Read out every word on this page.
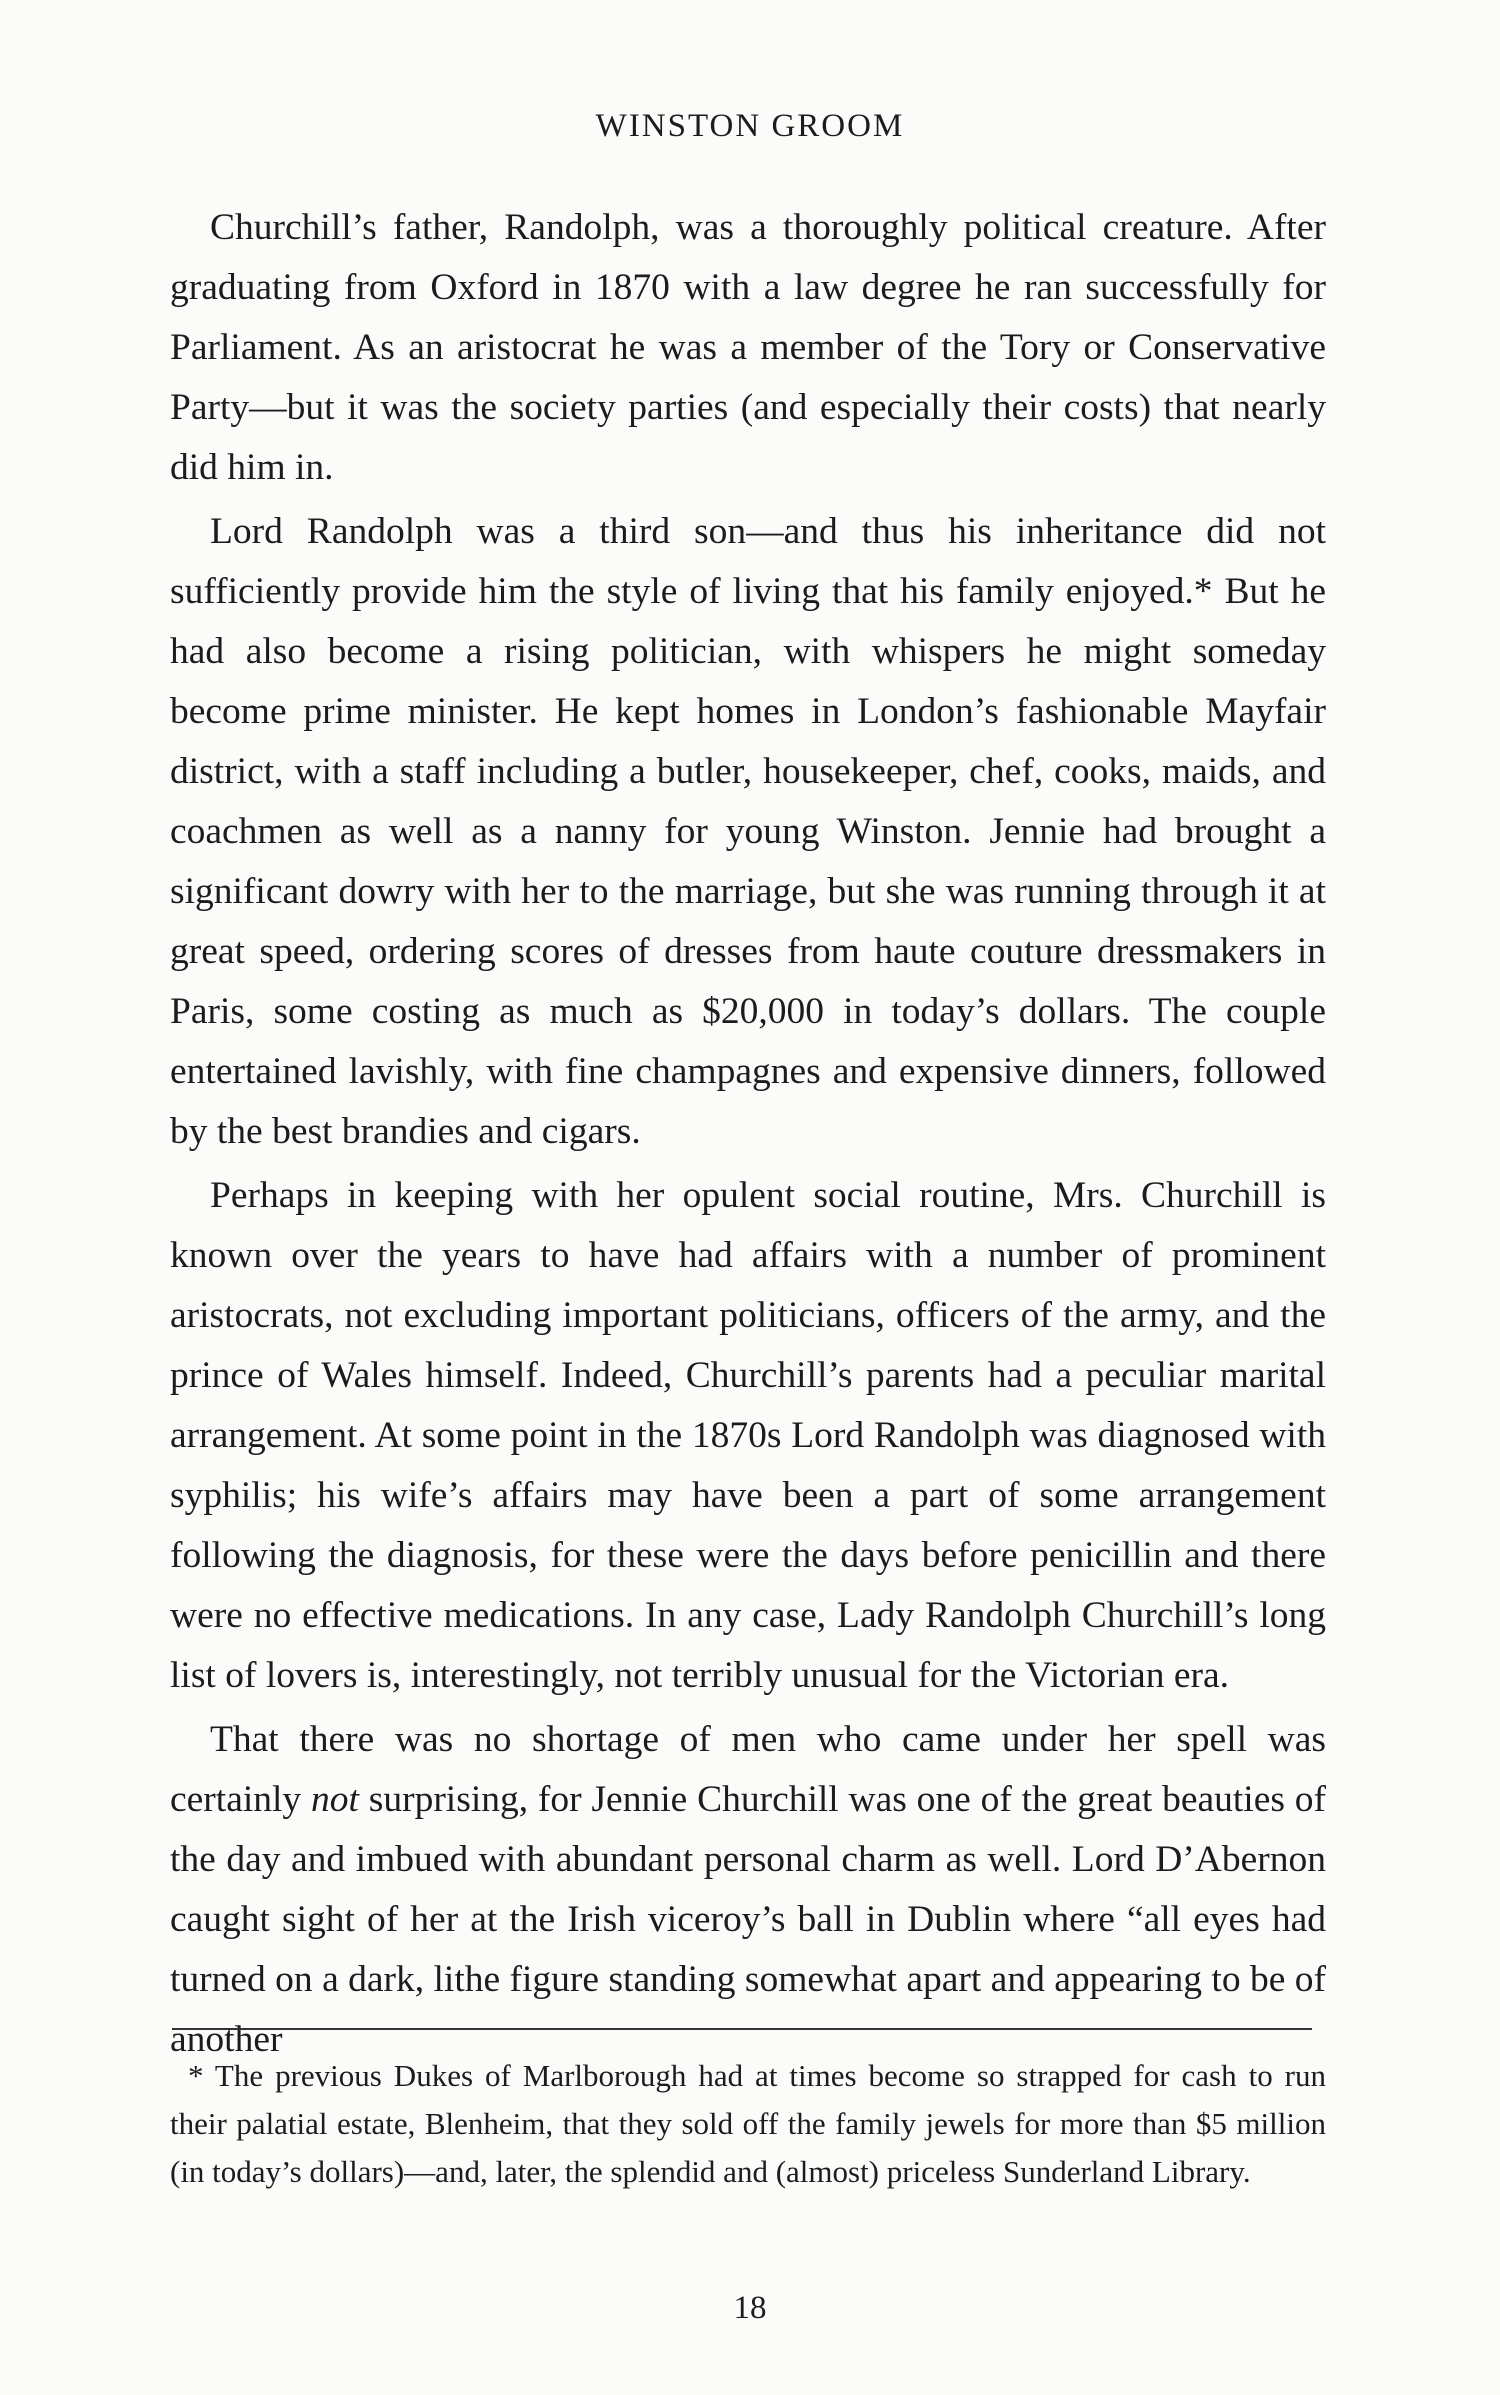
WINSTON GROOM

Churchill’s father, Randolph, was a thoroughly political creature. After graduating from Oxford in 1870 with a law degree he ran successfully for Parliament. As an aristocrat he was a member of the Tory or Conservative Party—but it was the society parties (and especially their costs) that nearly did him in.

Lord Randolph was a third son—and thus his inheritance did not sufficiently provide him the style of living that his family enjoyed.* But he had also become a rising politician, with whispers he might someday become prime minister. He kept homes in London’s fashionable Mayfair district, with a staff including a butler, housekeeper, chef, cooks, maids, and coachmen as well as a nanny for young Winston. Jennie had brought a significant dowry with her to the marriage, but she was running through it at great speed, ordering scores of dresses from haute couture dressmakers in Paris, some costing as much as $20,000 in today’s dollars. The couple entertained lavishly, with fine champagnes and expensive dinners, followed by the best brandies and cigars.

Perhaps in keeping with her opulent social routine, Mrs. Churchill is known over the years to have had affairs with a number of prominent aristocrats, not excluding important politicians, officers of the army, and the prince of Wales himself. Indeed, Churchill’s parents had a peculiar marital arrangement. At some point in the 1870s Lord Randolph was diagnosed with syphilis; his wife’s affairs may have been a part of some arrangement following the diagnosis, for these were the days before penicillin and there were no effective medications. In any case, Lady Randolph Churchill’s long list of lovers is, interestingly, not terribly unusual for the Victorian era.

That there was no shortage of men who came under her spell was certainly not surprising, for Jennie Churchill was one of the great beauties of the day and imbued with abundant personal charm as well. Lord D’Abernon caught sight of her at the Irish viceroy’s ball in Dublin where “all eyes had turned on a dark, lithe figure standing somewhat apart and appearing to be of another

* The previous Dukes of Marlborough had at times become so strapped for cash to run their palatial estate, Blenheim, that they sold off the family jewels for more than $5 million (in today’s dollars)—and, later, the splendid and (almost) priceless Sunderland Library.

18
